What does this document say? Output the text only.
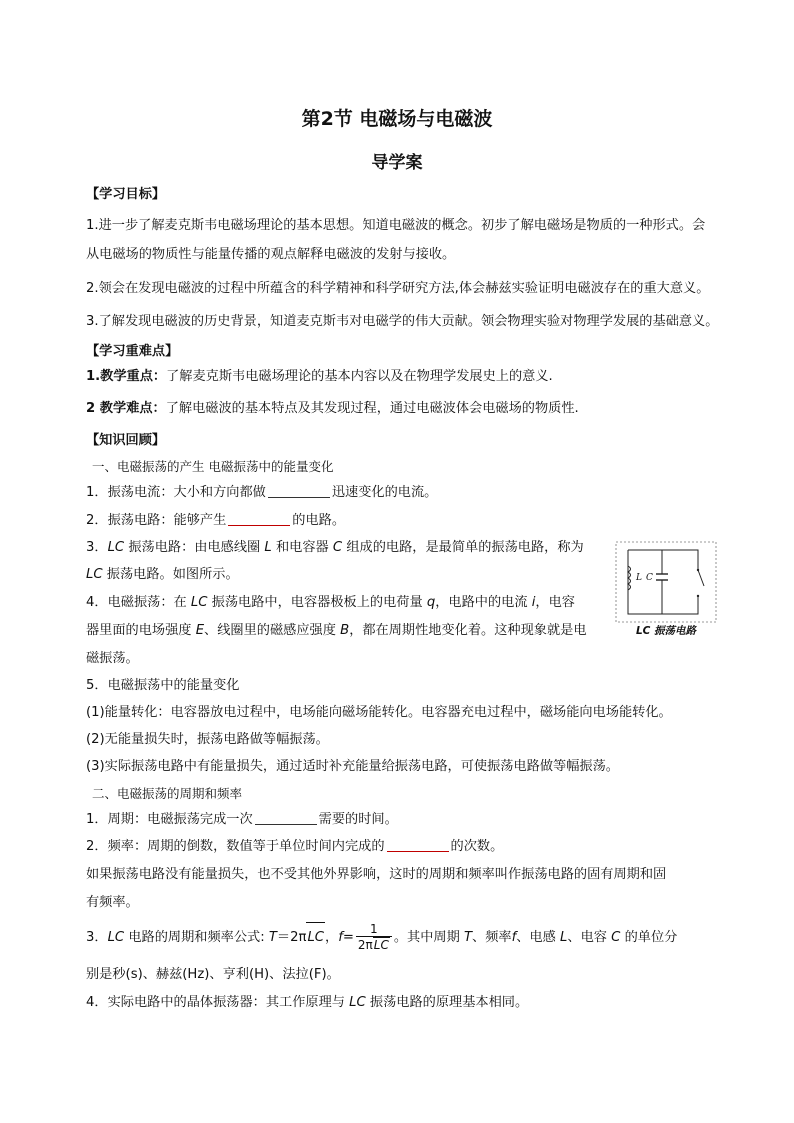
第2节 电磁场与电磁波
导学案
【学习目标】
1.进一步了解麦克斯韦电磁场理论的基本思想。知道电磁波的概念。初步了解电磁场是物质的一种形式。会
从电磁场的物质性与能量传播的观点解释电磁波的发射与接收。
2.领会在发现电磁波的过程中所蕴含的科学精神和科学研究方法,体会赫兹实验证明电磁波存在的重大意义。
3.了解发现电磁波的历史背景，知道麦克斯韦对电磁学的伟大贡献。领会物理实验对物理学发展的基础意义。
【学习重难点】
1.教学重点：了解麦克斯韦电磁场理论的基本内容以及在物理学发展史上的意义.
2 教学难点：了解电磁波的基本特点及其发现过程，通过电磁波体会电磁场的物质性.
【知识回顾】
一、电磁振荡的产生 电磁振荡中的能量变化
1．振荡电流：大小和方向都做	迅速变化的电流。
2．振荡电路：能够产生	的电路。
3．LC 振荡电路：由电感线圈 L 和电容器 C 组成的电路，是最简单的振荡电路，称为
LC 振荡电路。如图所示。
4．电磁振荡：在 LC 振荡电路中，电容器极板上的电荷量 q，电路中的电流 i，电容
器里面的电场强度 E、线圈里的磁感应强度 B，都在周期性地变化着。这种现象就是电
磁振荡。
L C
LC 振荡电路
5．电磁振荡中的能量变化
(1)能量转化：电容器放电过程中，电场能向磁场能转化。电容器充电过程中，磁场能向电场能转化。
(2)无能量损失时，振荡电路做等幅振荡。
(3)实际振荡电路中有能量损失，通过适时补充能量给振荡电路，可使振荡电路做等幅振荡。
二、电磁振荡的周期和频率
1．周期：电磁振荡完成一次	需要的时间。
2．频率：周期的倒数，数值等于单位时间内完成的	的次数。
如果振荡电路没有能量损失，也不受其他外界影响，这时的周期和频率叫作振荡电路的固有周期和固
有频率。
3．LC 电路的周期和频率公式: T＝2πLC，$f= \frac{1}{\text{2πLC}}$ 。其中周期 T、频率f、电感 L、电容 C 的单位分
别是秒(s)、赫兹(Hz)、亨利(H)、法拉(F)。
4．实际电路中的晶体振荡器：其工作原理与 LC 振荡电路的原理基本相同。
